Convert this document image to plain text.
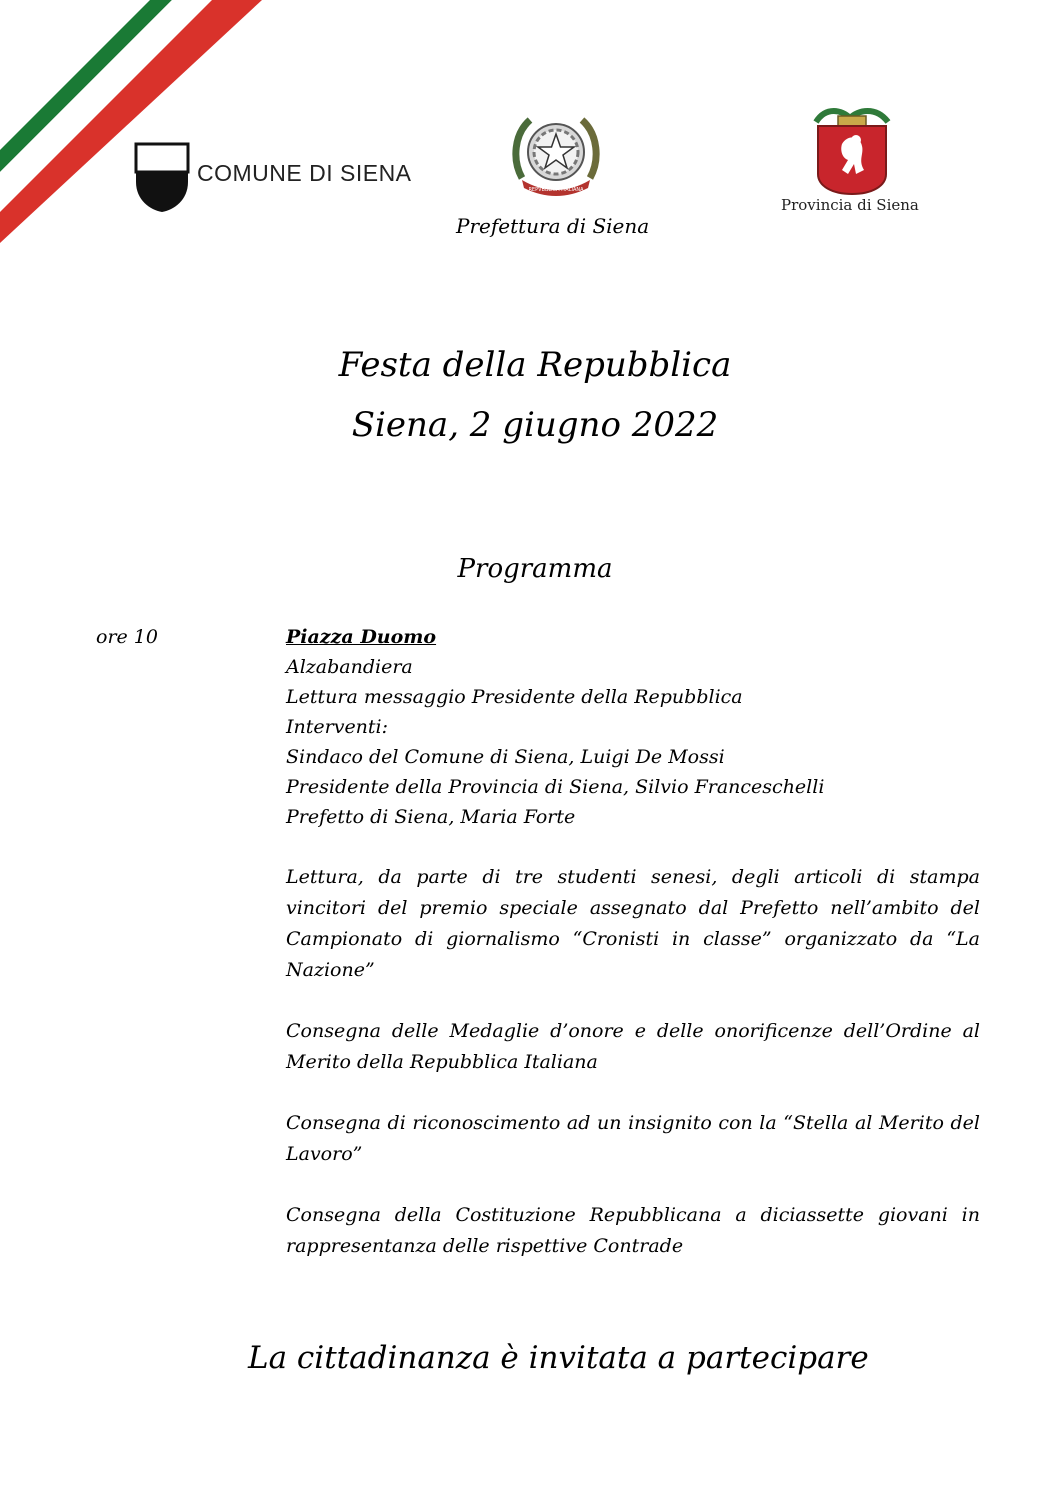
COMUNE DI SIENA
REPVBBLICA ITALIANA
Prefettura di Siena
Provincia di Siena
Festa della Repubblica
Siena, 2 giugno 2022
Programma
ore 10	Piazza Duomo
Alzabandiera
Lettura messaggio Presidente della Repubblica
Interventi:
Sindaco del Comune di Siena, Luigi De Mossi
Presidente della Provincia di Siena, Silvio Franceschelli
Prefetto di Siena, Maria Forte
Lettura, da parte di tre studenti senesi, degli articoli di stampa vincitori del premio speciale assegnato dal Prefetto nell’ambito del Campionato di giornalismo “Cronisti in classe” organizzato da “La Nazione”
Consegna delle Medaglie d’onore e delle onorificenze dell’Ordine al Merito della Repubblica Italiana
Consegna di riconoscimento ad un insignito con la “Stella al Merito del Lavoro”
Consegna della Costituzione Repubblicana a diciassette giovani in rappresentanza delle rispettive Contrade
La cittadinanza è invitata a partecipare
